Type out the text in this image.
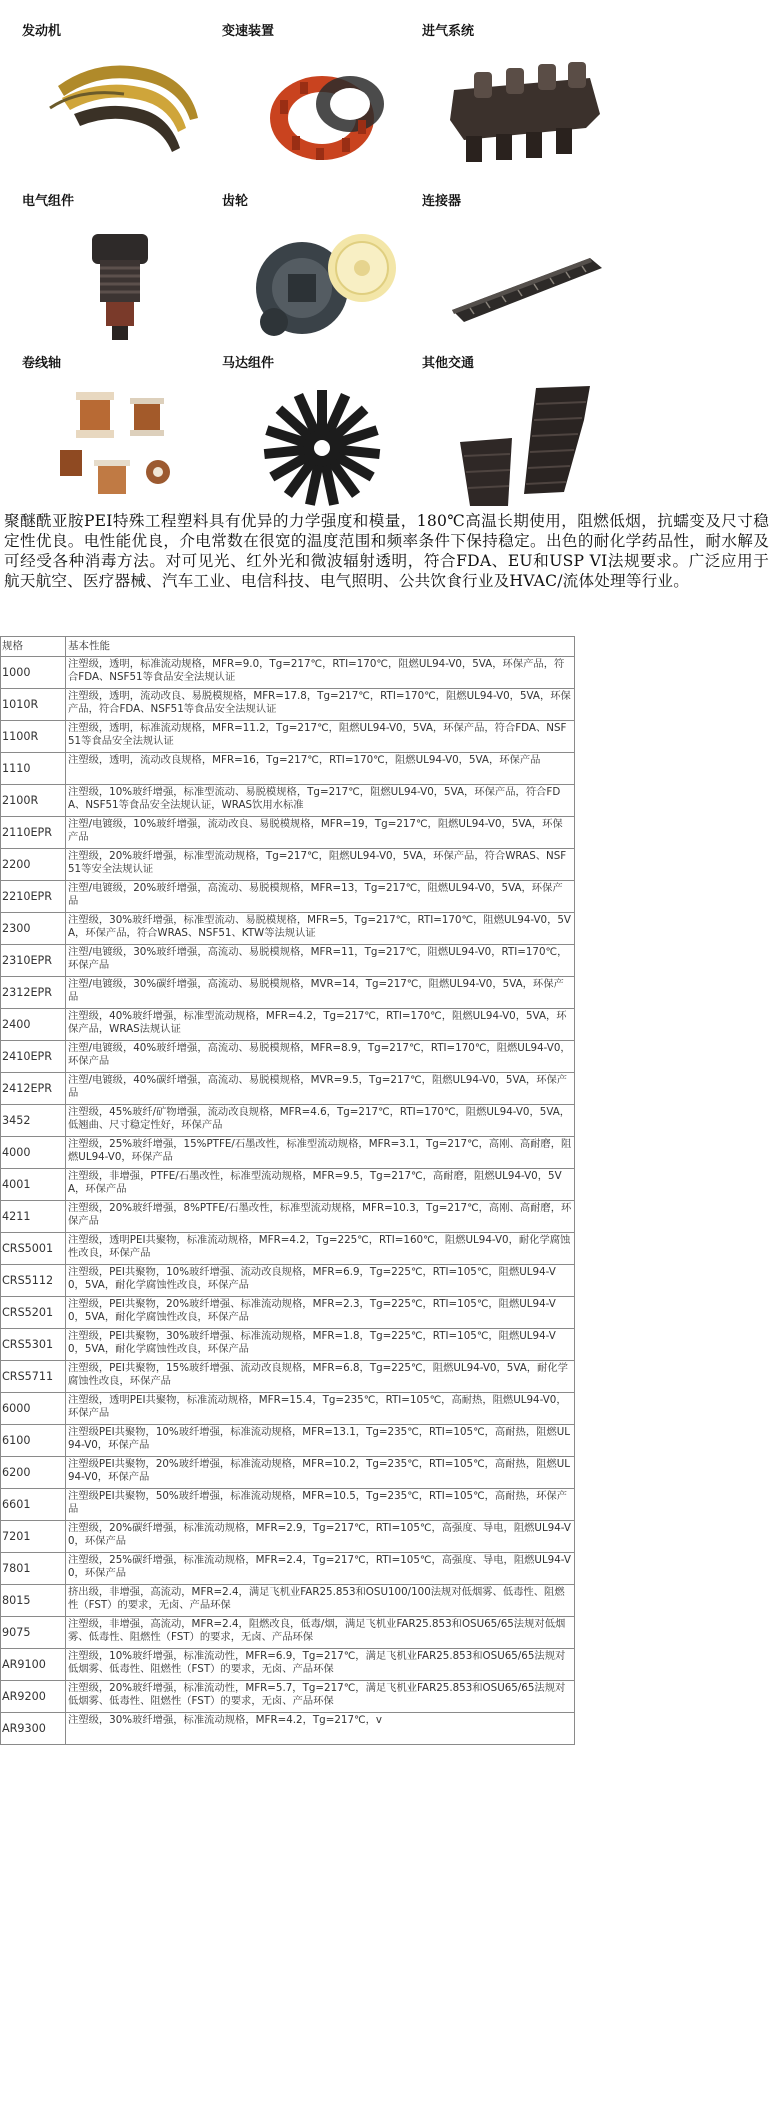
发动机	变速装置	进气系统
电气组件	齿轮	连接器
卷线轴	马达组件	其他交通
聚醚酰亚胺PEI特殊工程塑料具有优异的力学强度和模量，180℃高温长期使用，阻燃低烟，抗蠕变及尺寸稳定性优良。电性能优良，介电常数在很宽的温度范围和频率条件下保持稳定。出色的耐化学药品性，耐水解及可经受各种消毒方法。对可见光、红外光和微波辐射透明，符合FDA、EU和USP VI法规要求。广泛应用于航天航空、医疗器械、汽车工业、电信科技、电气照明、公共饮食行业及HVAC/流体处理等行业。
规格	基本性能
1000	注塑级，透明，标准流动规格，MFR=9.0，Tg=217℃，RTI=170℃，阻燃UL94-V0，5VA，环保产品，符合FDA、NSF51等食品安全法规认证
1010R	注塑级，透明，流动改良、易脱模规格，MFR=17.8，Tg=217℃，RTI=170℃，阻燃UL94-V0，5VA，环保产品，符合FDA、NSF51等食品安全法规认证
1100R	注塑级，透明，标准流动规格，MFR=11.2，Tg=217℃，阻燃UL94-V0，5VA，环保产品，符合FDA、NSF51等食品安全法规认证
1110	注塑级，透明，流动改良规格，MFR=16，Tg=217℃，RTI=170℃，阻燃UL94-V0，5VA，环保产品
2100R	注塑级，10%玻纤增强，标准型流动、易脱模规格，Tg=217℃，阻燃UL94-V0，5VA，环保产品，符合FDA、NSF51等食品安全法规认证，WRAS饮用水标准
2110EPR	注塑/电镀级，10%玻纤增强，流动改良、易脱模规格，MFR=19，Tg=217℃，阻燃UL94-V0，5VA，环保产品
2200	注塑级，20%玻纤增强，标准型流动规格，Tg=217℃，阻燃UL94-V0，5VA，环保产品，符合WRAS、NSF51等安全法规认证
2210EPR	注塑/电镀级，20%玻纤增强，高流动、易脱模规格，MFR=13，Tg=217℃，阻燃UL94-V0，5VA，环保产品
2300	注塑级，30%玻纤增强，标准型流动、易脱模规格，MFR=5，Tg=217℃，RTI=170℃，阻燃UL94-V0，5VA，环保产品，符合WRAS、NSF51、KTW等法规认证
2310EPR	注塑/电镀级，30%玻纤增强，高流动、易脱模规格，MFR=11，Tg=217℃，阻燃UL94-V0，RTI=170℃，环保产品
2312EPR	注塑/电镀级，30%碳纤增强，高流动、易脱模规格，MVR=14，Tg=217℃，阻燃UL94-V0，5VA，环保产品
2400	注塑级，40%玻纤增强，标准型流动规格，MFR=4.2，Tg=217℃，RTI=170℃，阻燃UL94-V0，5VA，环保产品，WRAS法规认证
2410EPR	注塑/电镀级，40%玻纤增强，高流动、易脱模规格，MFR=8.9，Tg=217℃，RTI=170℃，阻燃UL94-V0，环保产品
2412EPR	注塑/电镀级，40%碳纤增强，高流动、易脱模规格，MVR=9.5，Tg=217℃，阻燃UL94-V0，5VA，环保产品
3452	注塑级，45%玻纤/矿物增强，流动改良规格，MFR=4.6，Tg=217℃，RTI=170℃，阻燃UL94-V0，5VA，低翘曲、尺寸稳定性好，环保产品
4000	注塑级，25%玻纤增强，15%PTFE/石墨改性，标准型流动规格，MFR=3.1，Tg=217℃，高刚、高耐磨，阻燃UL94-V0，环保产品
4001	注塑级，非增强，PTFE/石墨改性，标准型流动规格，MFR=9.5，Tg=217℃，高耐磨，阻燃UL94-V0，5VA，环保产品
4211	注塑级，20%玻纤增强，8%PTFE/石墨改性，标准型流动规格，MFR=10.3，Tg=217℃，高刚、高耐磨，环保产品
CRS5001	注塑级，透明PEI共聚物，标准流动规格，MFR=4.2，Tg=225℃，RTI=160℃，阻燃UL94-V0，耐化学腐蚀性改良，环保产品
CRS5112	注塑级，PEI共聚物，10%玻纤增强、流动改良规格，MFR=6.9，Tg=225℃，RTI=105℃，阻燃UL94-V0，5VA，耐化学腐蚀性改良，环保产品
CRS5201	注塑级，PEI共聚物，20%玻纤增强、标准流动规格，MFR=2.3，Tg=225℃，RTI=105℃，阻燃UL94-V0，5VA，耐化学腐蚀性改良，环保产品
CRS5301	注塑级，PEI共聚物，30%玻纤增强、标准流动规格，MFR=1.8，Tg=225℃，RTI=105℃，阻燃UL94-V0，5VA，耐化学腐蚀性改良，环保产品
CRS5711	注塑级，PEI共聚物，15%玻纤增强、流动改良规格，MFR=6.8，Tg=225℃，阻燃UL94-V0，5VA，耐化学腐蚀性改良，环保产品
6000	注塑级，透明PEI共聚物，标准流动规格，MFR=15.4，Tg=235℃，RTI=105℃，高耐热，阻燃UL94-V0，环保产品
6100	注塑级PEI共聚物，10%玻纤增强，标准流动规格，MFR=13.1，Tg=235℃，RTI=105℃，高耐热，阻燃UL94-V0，环保产品
6200	注塑级PEI共聚物，20%玻纤增强，标准流动规格，MFR=10.2，Tg=235℃，RTI=105℃，高耐热，阻燃UL94-V0，环保产品
6601	注塑级PEI共聚物，50%玻纤增强，标准流动规格，MFR=10.5，Tg=235℃，RTI=105℃，高耐热，环保产品
7201	注塑级，20%碳纤增强，标准流动规格，MFR=2.9，Tg=217℃，RTI=105℃，高强度、导电，阻燃UL94-V0，环保产品
7801	注塑级，25%碳纤增强，标准流动规格，MFR=2.4，Tg=217℃，RTI=105℃，高强度、导电，阻燃UL94-V0，环保产品
8015	挤出级，非增强，高流动，MFR=2.4，满足飞机业FAR25.853和OSU100/100法规对低烟雾、低毒性、阻燃性（FST）的要求，无卤、产品环保
9075	注塑级，非增强，高流动，MFR=2.4，阻燃改良，低毒/烟，满足飞机业FAR25.853和OSU65/65法规对低烟雾、低毒性、阻燃性（FST）的要求，无卤、产品环保
AR9100	注塑级，10%玻纤增强，标准流动性，MFR=6.9，Tg=217℃，满足飞机业FAR25.853和OSU65/65法规对低烟雾、低毒性、阻燃性（FST）的要求，无卤、产品环保
AR9200	注塑级，20%玻纤增强，标准流动性，MFR=5.7，Tg=217℃，满足飞机业FAR25.853和OSU65/65法规对低烟雾、低毒性、阻燃性（FST）的要求，无卤、产品环保
AR9300	注塑级，30%玻纤增强，标准流动规格，MFR=4.2，Tg=217℃，v
